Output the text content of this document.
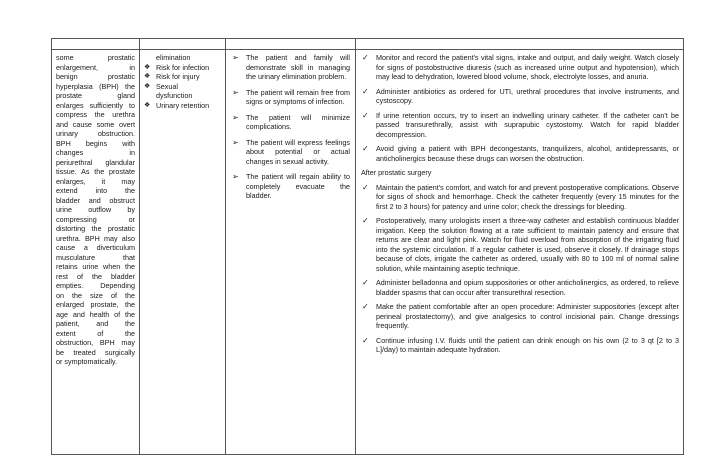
some prostatic
enlargement, in
benign prostatic
hyperplasia (BPH) the
prostate gland
enlarges sufficiently to
compress the urethra
and cause some overt
urinary obstruction.
BPH begins with
changes in
periurethral glandular
tissue. As the prostate
enlarges, it may
extend into the
bladder and obstruct
urine outflow by
compressing or
distorting the prostatic
urethra. BPH may also
cause a diverticulum
musculature that
retains urine when the
rest of the bladder
empties. Depending
on the size of the
enlarged prostate, the
age and health of the
patient, and the
extent of the
obstruction, BPH may
be treated surgically
or symptomatically.
elimination
❖ Risk for infection
❖ Risk for injury
❖ Sexual
dysfunction
❖ Urinary retention
➢ The patient and family will demonstrate skill in managing the urinary elimination problem.
➢ The patient will remain free from signs or symptoms of infection.
➢ The patient will minimize complications.
➢ The patient will express feelings about potential or actual changes in sexual activity.
➢ The patient will regain ability to completely evacuate the bladder.
✓ Monitor and record the patient's vital signs, intake and output, and daily weight. Watch closely for signs of postobstructive diuresis (such as increased urine output and hypotension), which may lead to dehydration, lowered blood volume, shock, electrolyte losses, and anuria.
✓ Administer antibiotics as ordered for UTI, urethral procedures that involve instruments, and cystoscopy.
✓ If urine retention occurs, try to insert an indwelling urinary catheter. If the catheter can't be passed transurethrally, assist with suprapubic cystostomy. Watch for rapid bladder decompression.
✓ Avoid giving a patient with BPH decongestants, tranquilizers, alcohol, antidepressants, or anticholinergics because these drugs can worsen the obstruction.
After prostatic surgery
✓ Maintain the patient's comfort, and watch for and prevent postoperative complications. Observe for signs of shock and hemorrhage. Check the catheter frequently (every 15 minutes for the first 2 to 3 hours) for patency and urine color; check the dressings for bleeding.
✓ Postoperatively, many urologists insert a three-way catheter and establish continuous bladder irrigation. Keep the solution flowing at a rate sufficient to maintain patency and ensure that returns are clear and light pink. Watch for fluid overload from absorption of the irrigating fluid into the systemic circulation. If a regular catheter is used, observe it closely. If drainage stops because of clots, irrigate the catheter as ordered, usually with 80 to 100 ml of normal saline solution, while maintaining aseptic technique.
✓ Administer belladonna and opium suppositories or other anticholinergics, as ordered, to relieve bladder spasms that can occur after transurethral resection.
✓ Make the patient comfortable after an open procedure: Administer suppositories (except after perineal prostatectomy), and give analgesics to control incisional pain. Change dressings frequently.
✓ Continue infusing I.V. fluids until the patient can drink enough on his own (2 to 3 qt [2 to 3 L]/day) to maintain adequate hydration.
